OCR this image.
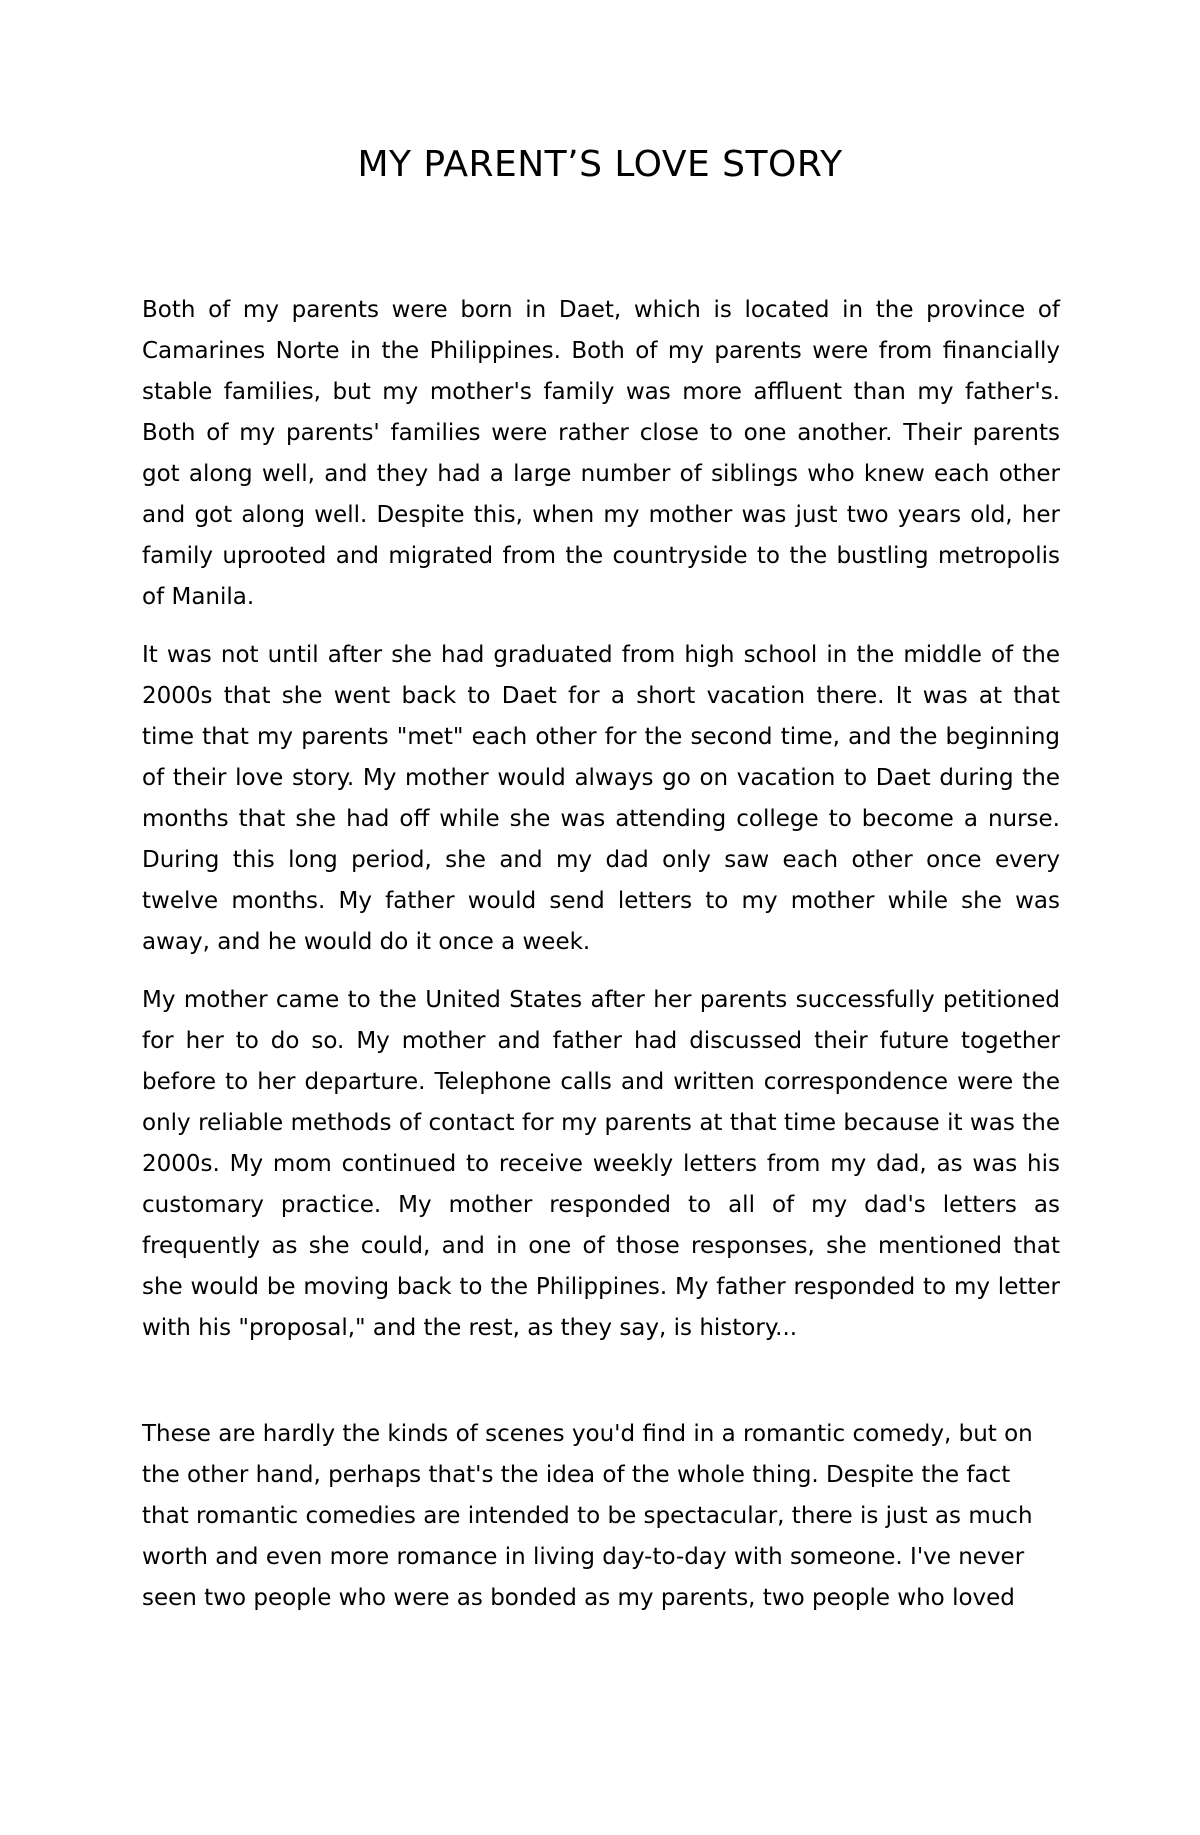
MY PARENT’S LOVE STORY

Both of my parents were born in Daet, which is located in the province of Camarines Norte in the Philippines. Both of my parents were from financially stable families, but my mother's family was more affluent than my father's. Both of my parents' families were rather close to one another. Their parents got along well, and they had a large number of siblings who knew each other and got along well. Despite this, when my mother was just two years old, her family uprooted and migrated from the countryside to the bustling metropolis of Manila.

It was not until after she had graduated from high school in the middle of the 2000s that she went back to Daet for a short vacation there. It was at that time that my parents "met" each other for the second time, and the beginning of their love story. My mother would always go on vacation to Daet during the months that she had off while she was attending college to become a nurse. During this long period, she and my dad only saw each other once every twelve months. My father would send letters to my mother while she was away, and he would do it once a week.

My mother came to the United States after her parents successfully petitioned for her to do so. My mother and father had discussed their future together before to her departure. Telephone calls and written correspondence were the only reliable methods of contact for my parents at that time because it was the 2000s. My mom continued to receive weekly letters from my dad, as was his customary practice. My mother responded to all of my dad's letters as frequently as she could, and in one of those responses, she mentioned that she would be moving back to the Philippines. My father responded to my letter with his "proposal," and the rest, as they say, is history...

These are hardly the kinds of scenes you'd find in a romantic comedy, but on the other hand, perhaps that's the idea of the whole thing. Despite the fact that romantic comedies are intended to be spectacular, there is just as much worth and even more romance in living day-to-day with someone. I've never seen two people who were as bonded as my parents, two people who loved
